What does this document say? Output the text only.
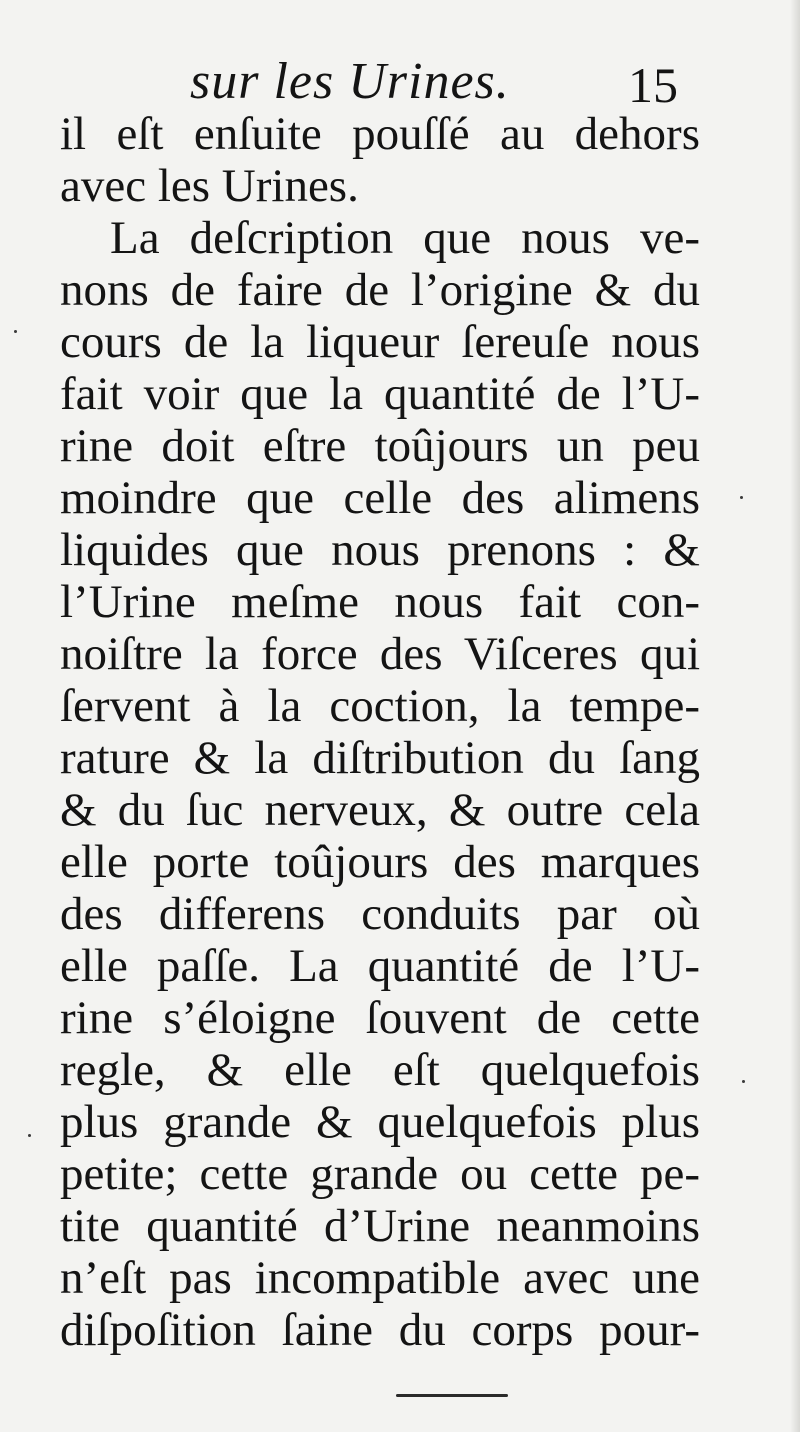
sur les Urines. 15
il eſt enſuite pouſſé au dehors
avec les Urines.
La deſcription que nous ve-
nons de faire de l’origine & du
cours de la liqueur ſereuſe nous
fait voir que la quantité de l’U-
rine doit eſtre toûjours un peu
moindre que celle des alimens
liquides que nous prenons : &
l’Urine meſme nous fait con-
noiſtre la force des Viſceres qui
ſervent à la coction, la tempe-
rature & la diſtribution du ſang
& du ſuc nerveux, & outre cela
elle porte toûjours des marques
des differens conduits par où
elle paſſe. La quantité de l’U-
rine s’éloigne ſouvent de cette
regle, & elle eſt quelquefois
plus grande & quelquefois plus
petite; cette grande ou cette pe-
tite quantité d’Urine neanmoins
n’eſt pas incompatible avec une
diſpoſition ſaine du corps pour-
